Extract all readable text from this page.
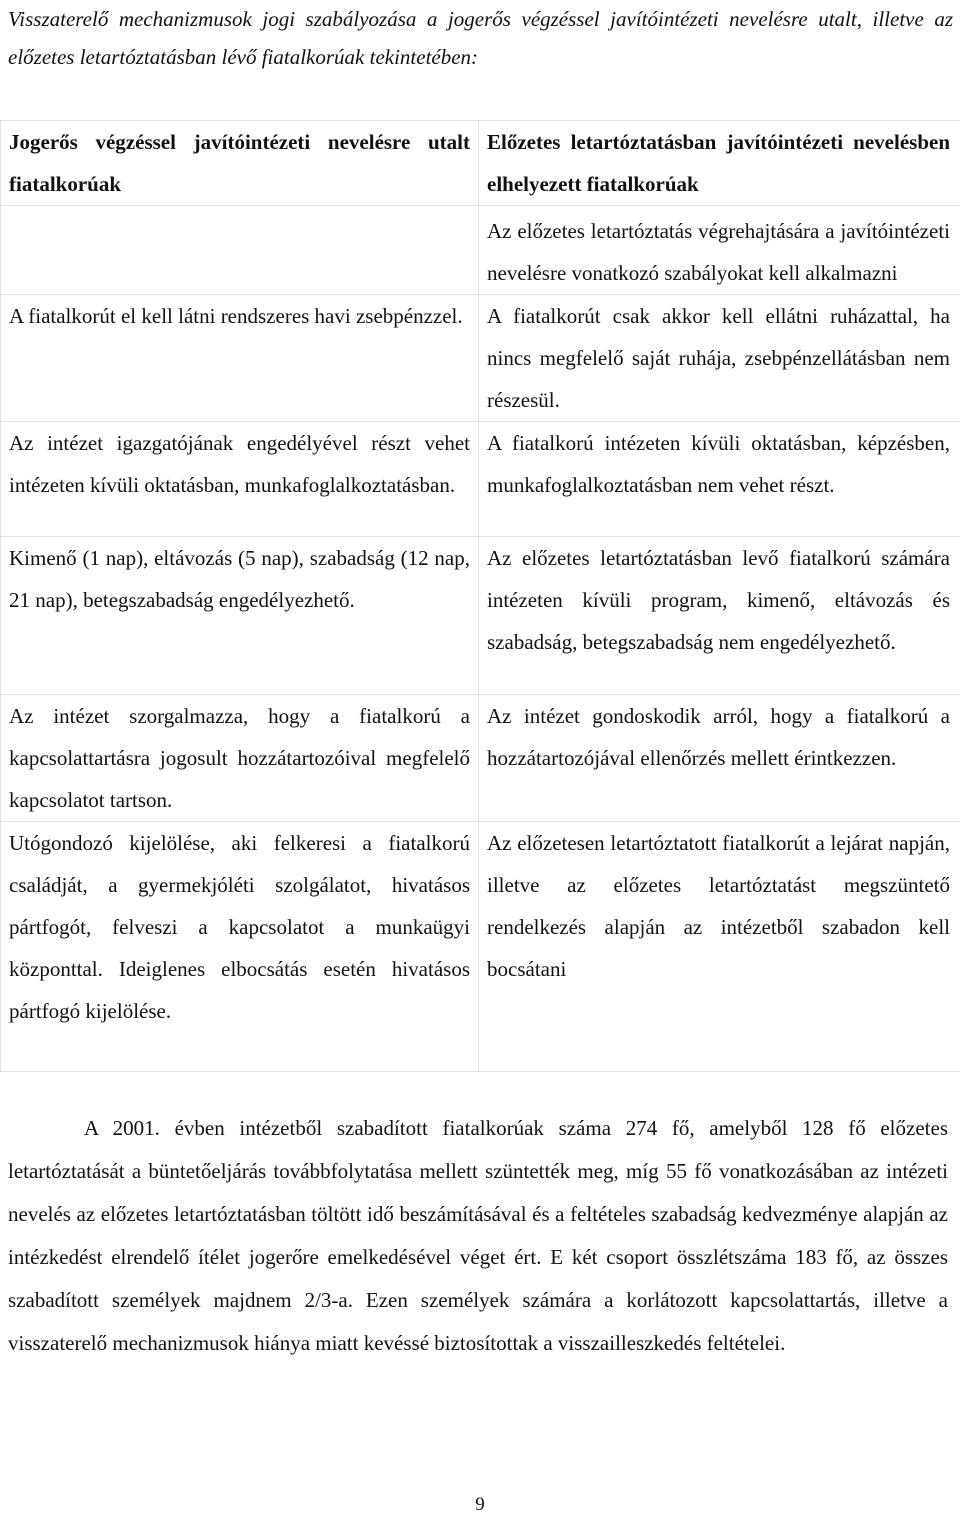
Visszaterelő mechanizmusok jogi szabályozása a jogerős végzéssel javítóintézeti nevelésre utalt, illetve az előzetes letartóztatásban lévő fiatalkorúak tekintetében:
Jogerős végzéssel javítóintézeti nevelésre utalt fiatalkorúak	Előzetes letartóztatásban javítóintézeti nevelésben elhelyezett fiatalkorúak

	Az előzetes letartóztatás végrehajtására a javítóintézeti nevelésre vonatkozó szabályokat kell alkalmazni
A fiatalkorút el kell látni rendszeres havi zsebpénzzel.	A fiatalkorút csak akkor kell ellátni ruházattal, ha nincs megfelelő saját ruhája, zsebpénzellátásban nem részesül.
Az intézet igazgatójának engedélyével részt vehet intézeten kívüli oktatásban, munkafoglalkoztatásban.	A fiatalkorú intézeten kívüli oktatásban, képzésben, munkafoglalkoztatásban nem vehet részt.
Kimenő (1 nap), eltávozás (5 nap), szabadság (12 nap, 21 nap), betegszabadság engedélyezhető.	Az előzetes letartóztatásban levő fiatalkorú számára intézeten kívüli program, kimenő, eltávozás és szabadság, betegszabadság nem engedélyezhető.
Az intézet szorgalmazza, hogy a fiatalkorú a kapcsolattartásra jogosult hozzátartozóival megfelelő kapcsolatot tartson.	Az intézet gondoskodik arról, hogy a fiatalkorú a hozzátartozójával ellenőrzés mellett érintkezzen.
Utógondozó kijelölése, aki felkeresi a fiatalkorú családját, a gyermekjóléti szolgálatot, hivatásos pártfogót, felveszi a kapcsolatot a munkaügyi központtal. Ideiglenes elbocsátás esetén hivatásos pártfogó kijelölése.	Az előzetesen letartóztatott fiatalkorút a lejárat napján, illetve az előzetes letartóztatást megszüntető rendelkezés alapján az intézetből szabadon kell bocsátani
A 2001. évben intézetből szabadított fiatalkorúak száma 274 fő, amelyből 128 fő előzetes letartóztatását a büntetőeljárás továbbfolytatása mellett szüntették meg, míg 55 fő vonatkozásában az intézeti nevelés az előzetes letartóztatásban töltött idő beszámításával és a feltételes szabadság kedvezménye alapján az intézkedést elrendelő ítélet jogerőre emelkedésével véget ért. E két csoport összlétszáma 183 fő, az összes szabadított személyek majdnem 2/3-a. Ezen személyek számára a korlátozott kapcsolattartás, illetve a visszaterelő mechanizmusok hiánya miatt kevéssé biztosítottak a visszailleszkedés feltételei.
9
